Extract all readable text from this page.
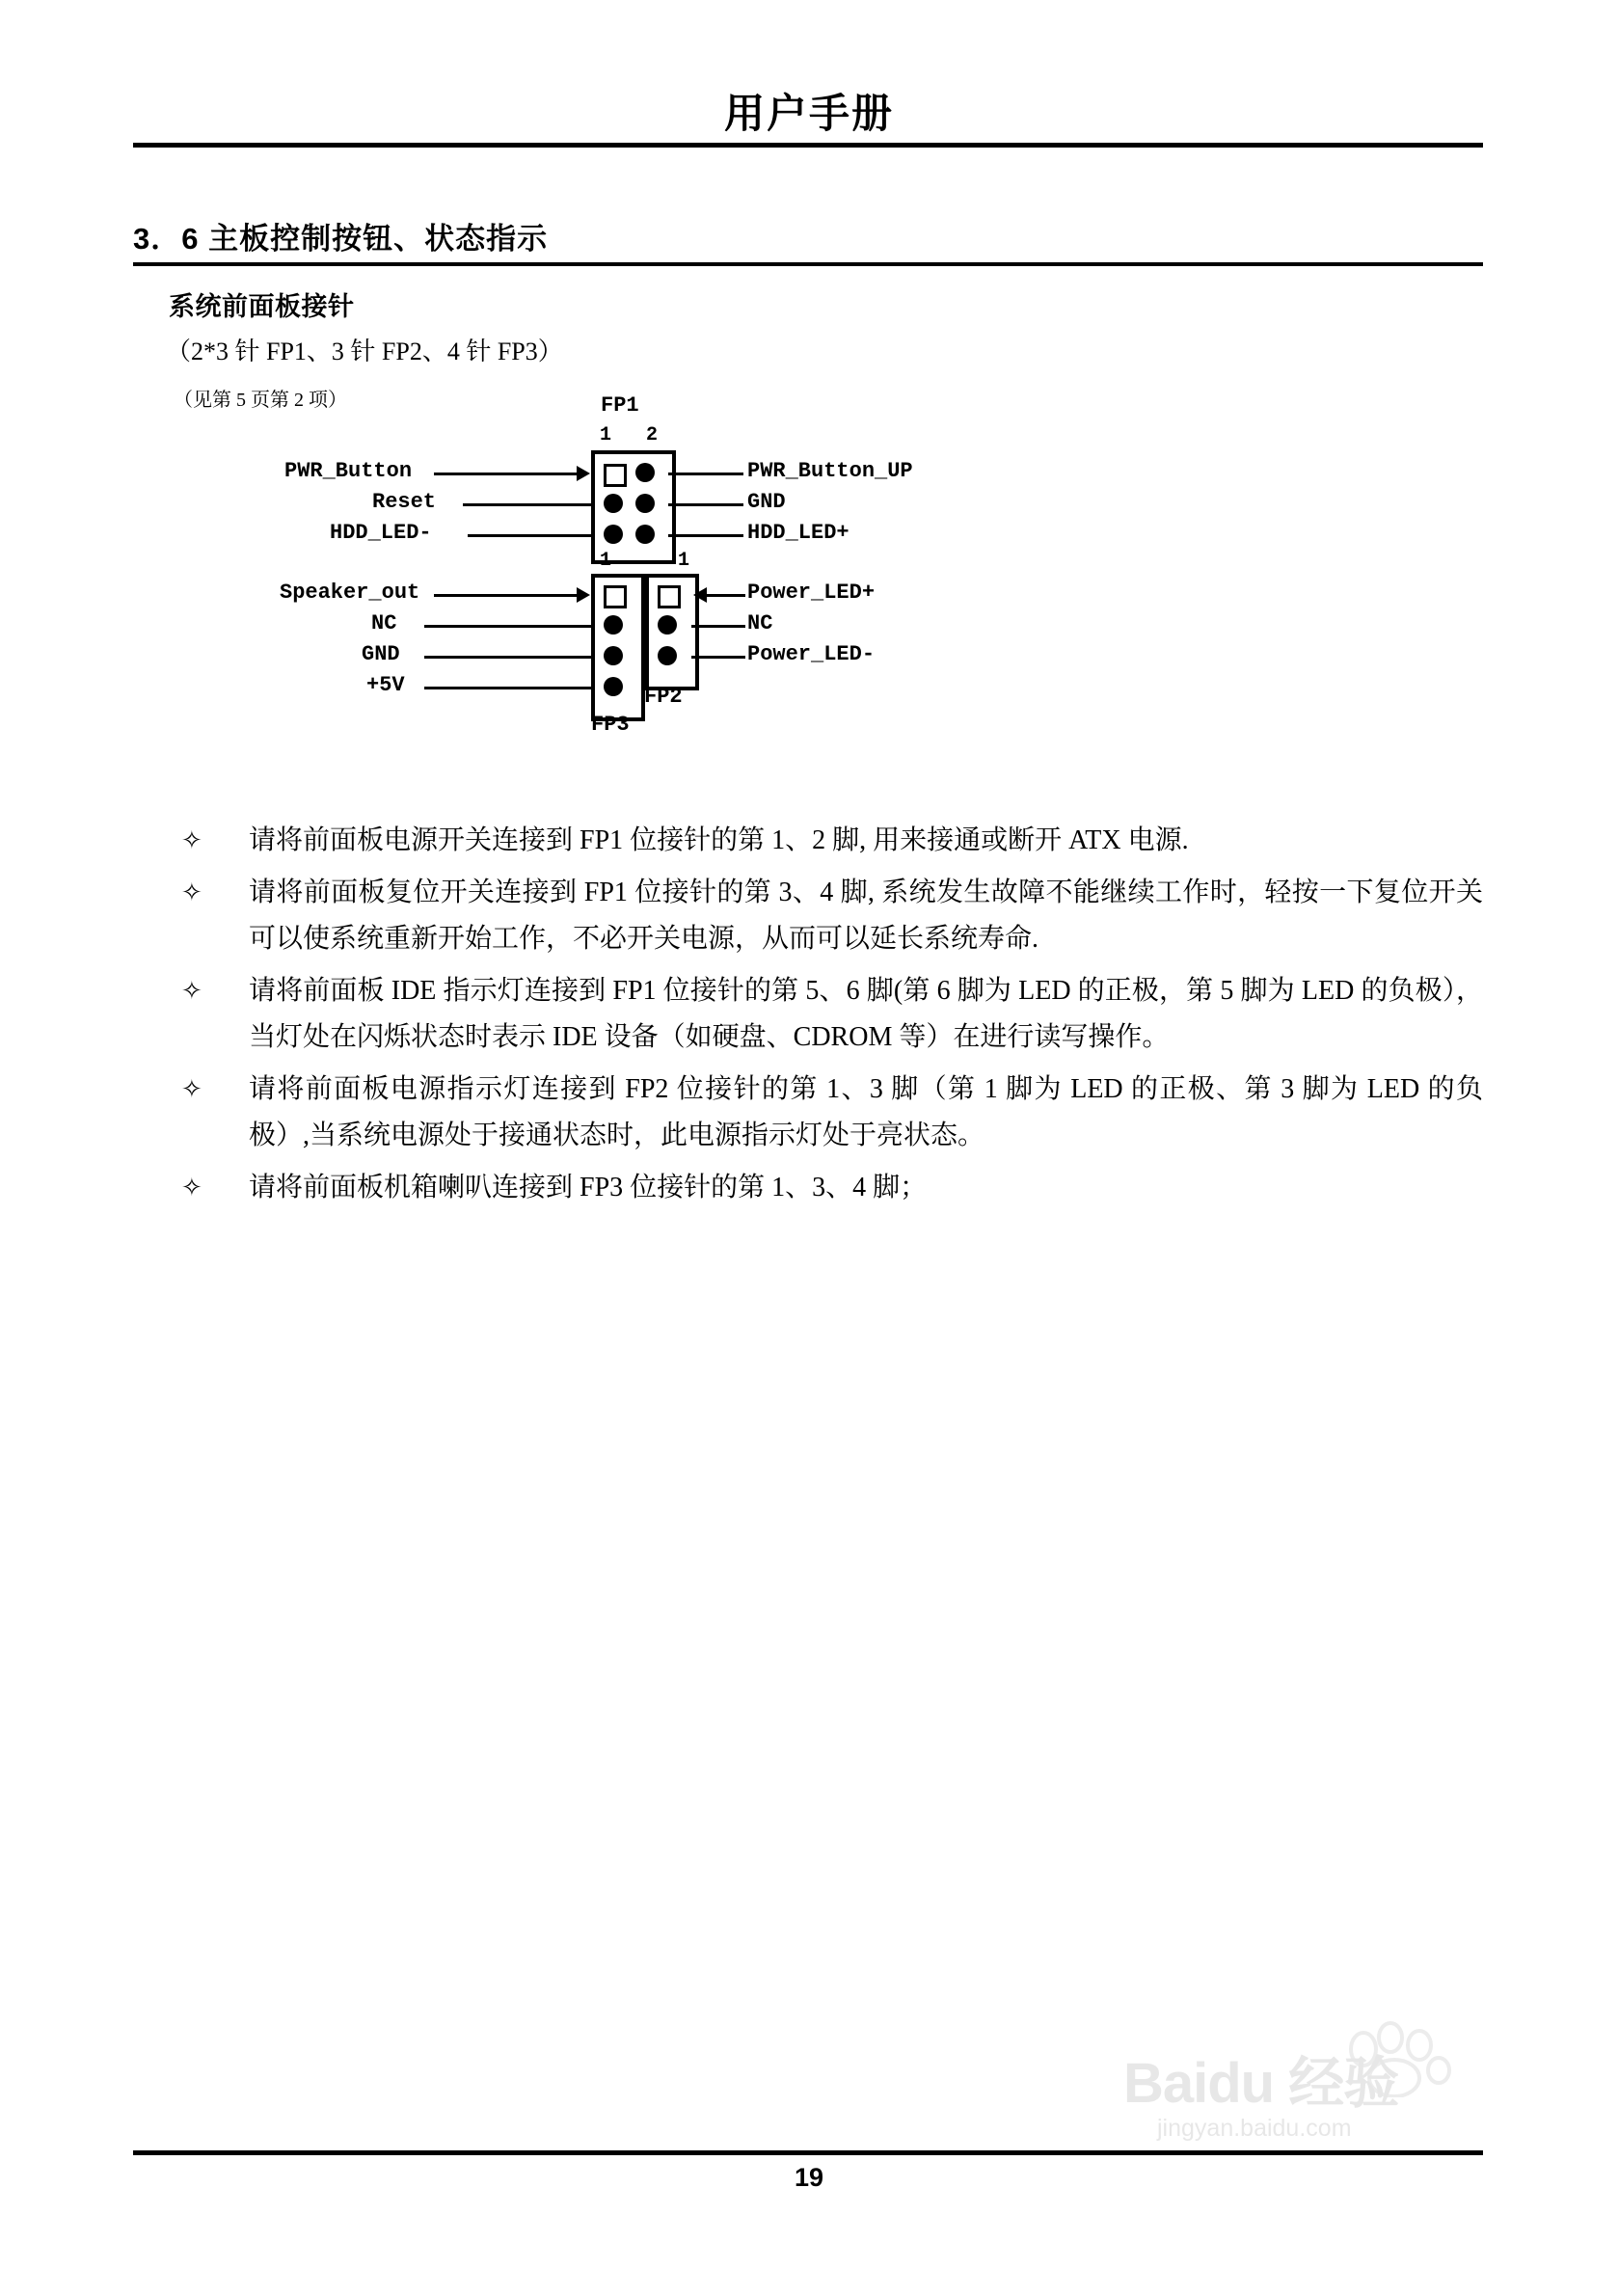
用户手册
3．6 主板控制按钮、状态指示
系统前面板接针
（2*3 针 FP1、3 针 FP2、4 针 FP3）
（见第 5 页第 2 项）	FP1
1 2
PWR_Button
Reset
HDD_LED-
PWR_Button_UP
GND
HDD_LED+
1	1
Speaker_out
NC
GND
+5V
Power_LED+
NC
Power_LED-
FP2
FP3
✧ 请将前面板电源开关连接到 FP1 位接针的第 1、2 脚, 用来接通或断开 ATX 电源.
✧ 请将前面板复位开关连接到 FP1 位接针的第 3、4 脚, 系统发生故障不能继续工作时，轻按一下复位开关可以使系统重新开始工作，不必开关电源，从而可以延长系统寿命.
✧ 请将前面板 IDE 指示灯连接到 FP1 位接针的第 5、6 脚(第 6 脚为 LED 的正极，第 5 脚为 LED 的负极），当灯处在闪烁状态时表示 IDE 设备（如硬盘、CDROM 等）在进行读写操作。
✧ 请将前面板电源指示灯连接到 FP2 位接针的第 1、3 脚（第 1 脚为 LED 的正极、第 3 脚为 LED 的负极）,当系统电源处于接通状态时，此电源指示灯处于亮状态。
✧ 请将前面板机箱喇叭连接到 FP3 位接针的第 1、3、4 脚；
Baidu 经验
jingyan.baidu.com
19
